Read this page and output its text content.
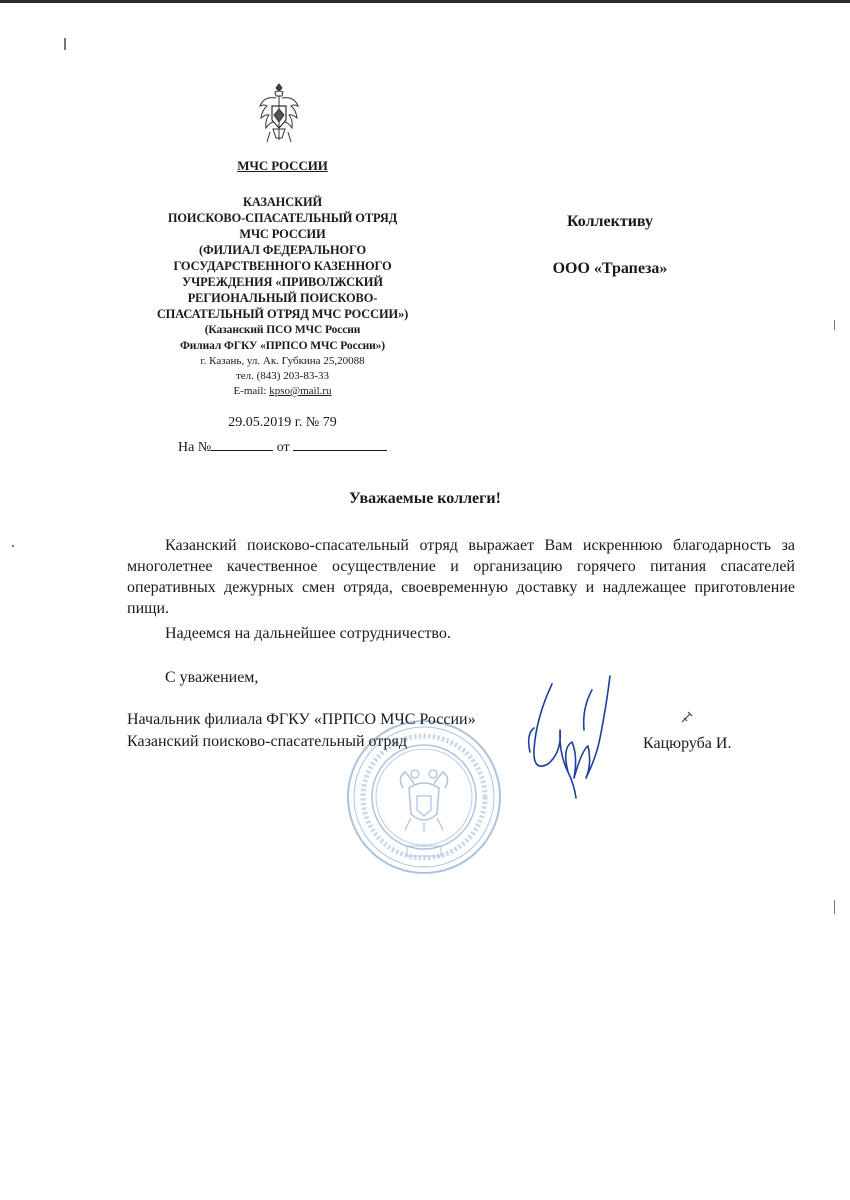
МЧС РОССИИ
КАЗАНСКИЙ
ПОИСКОВО-СПАСАТЕЛЬНЫЙ ОТРЯД
МЧС РОССИИ
(ФИЛИАЛ ФЕДЕРАЛЬНОГО
ГОСУДАРСТВЕННОГО КАЗЕННОГО
УЧРЕЖДЕНИЯ «ПРИВОЛЖСКИЙ
РЕГИОНАЛЬНЫЙ ПОИСКОВО-
СПАСАТЕЛЬНЫЙ ОТРЯД МЧС РОССИИ»)
(Казанский ПСО МЧС России
Филиал ФГКУ «ПРПСО МЧС России»)
г. Казань, ул. Ак. Губкина 25,20088
тел. (843) 203-83-33
E-mail: kpso@mail.ru
29.05.2019 г. № 79
На №	от
Коллективу
ООО «Трапеза»
Уважаемые коллеги!

Казанский поисково-спасательный отряд выражает Вам искреннюю благодарность за многолетнее качественное осуществление и организацию горячего питания спасателей оперативных дежурных смен отряда, своевременную доставку и надлежащее приготовление пищи.

Надеемся на дальнейшее сотрудничество.

С уважением,

Начальник филиала ФГКУ «ПРПСО МЧС России»
Казанский поисково-спасательный отряд	Кацюруба И.
